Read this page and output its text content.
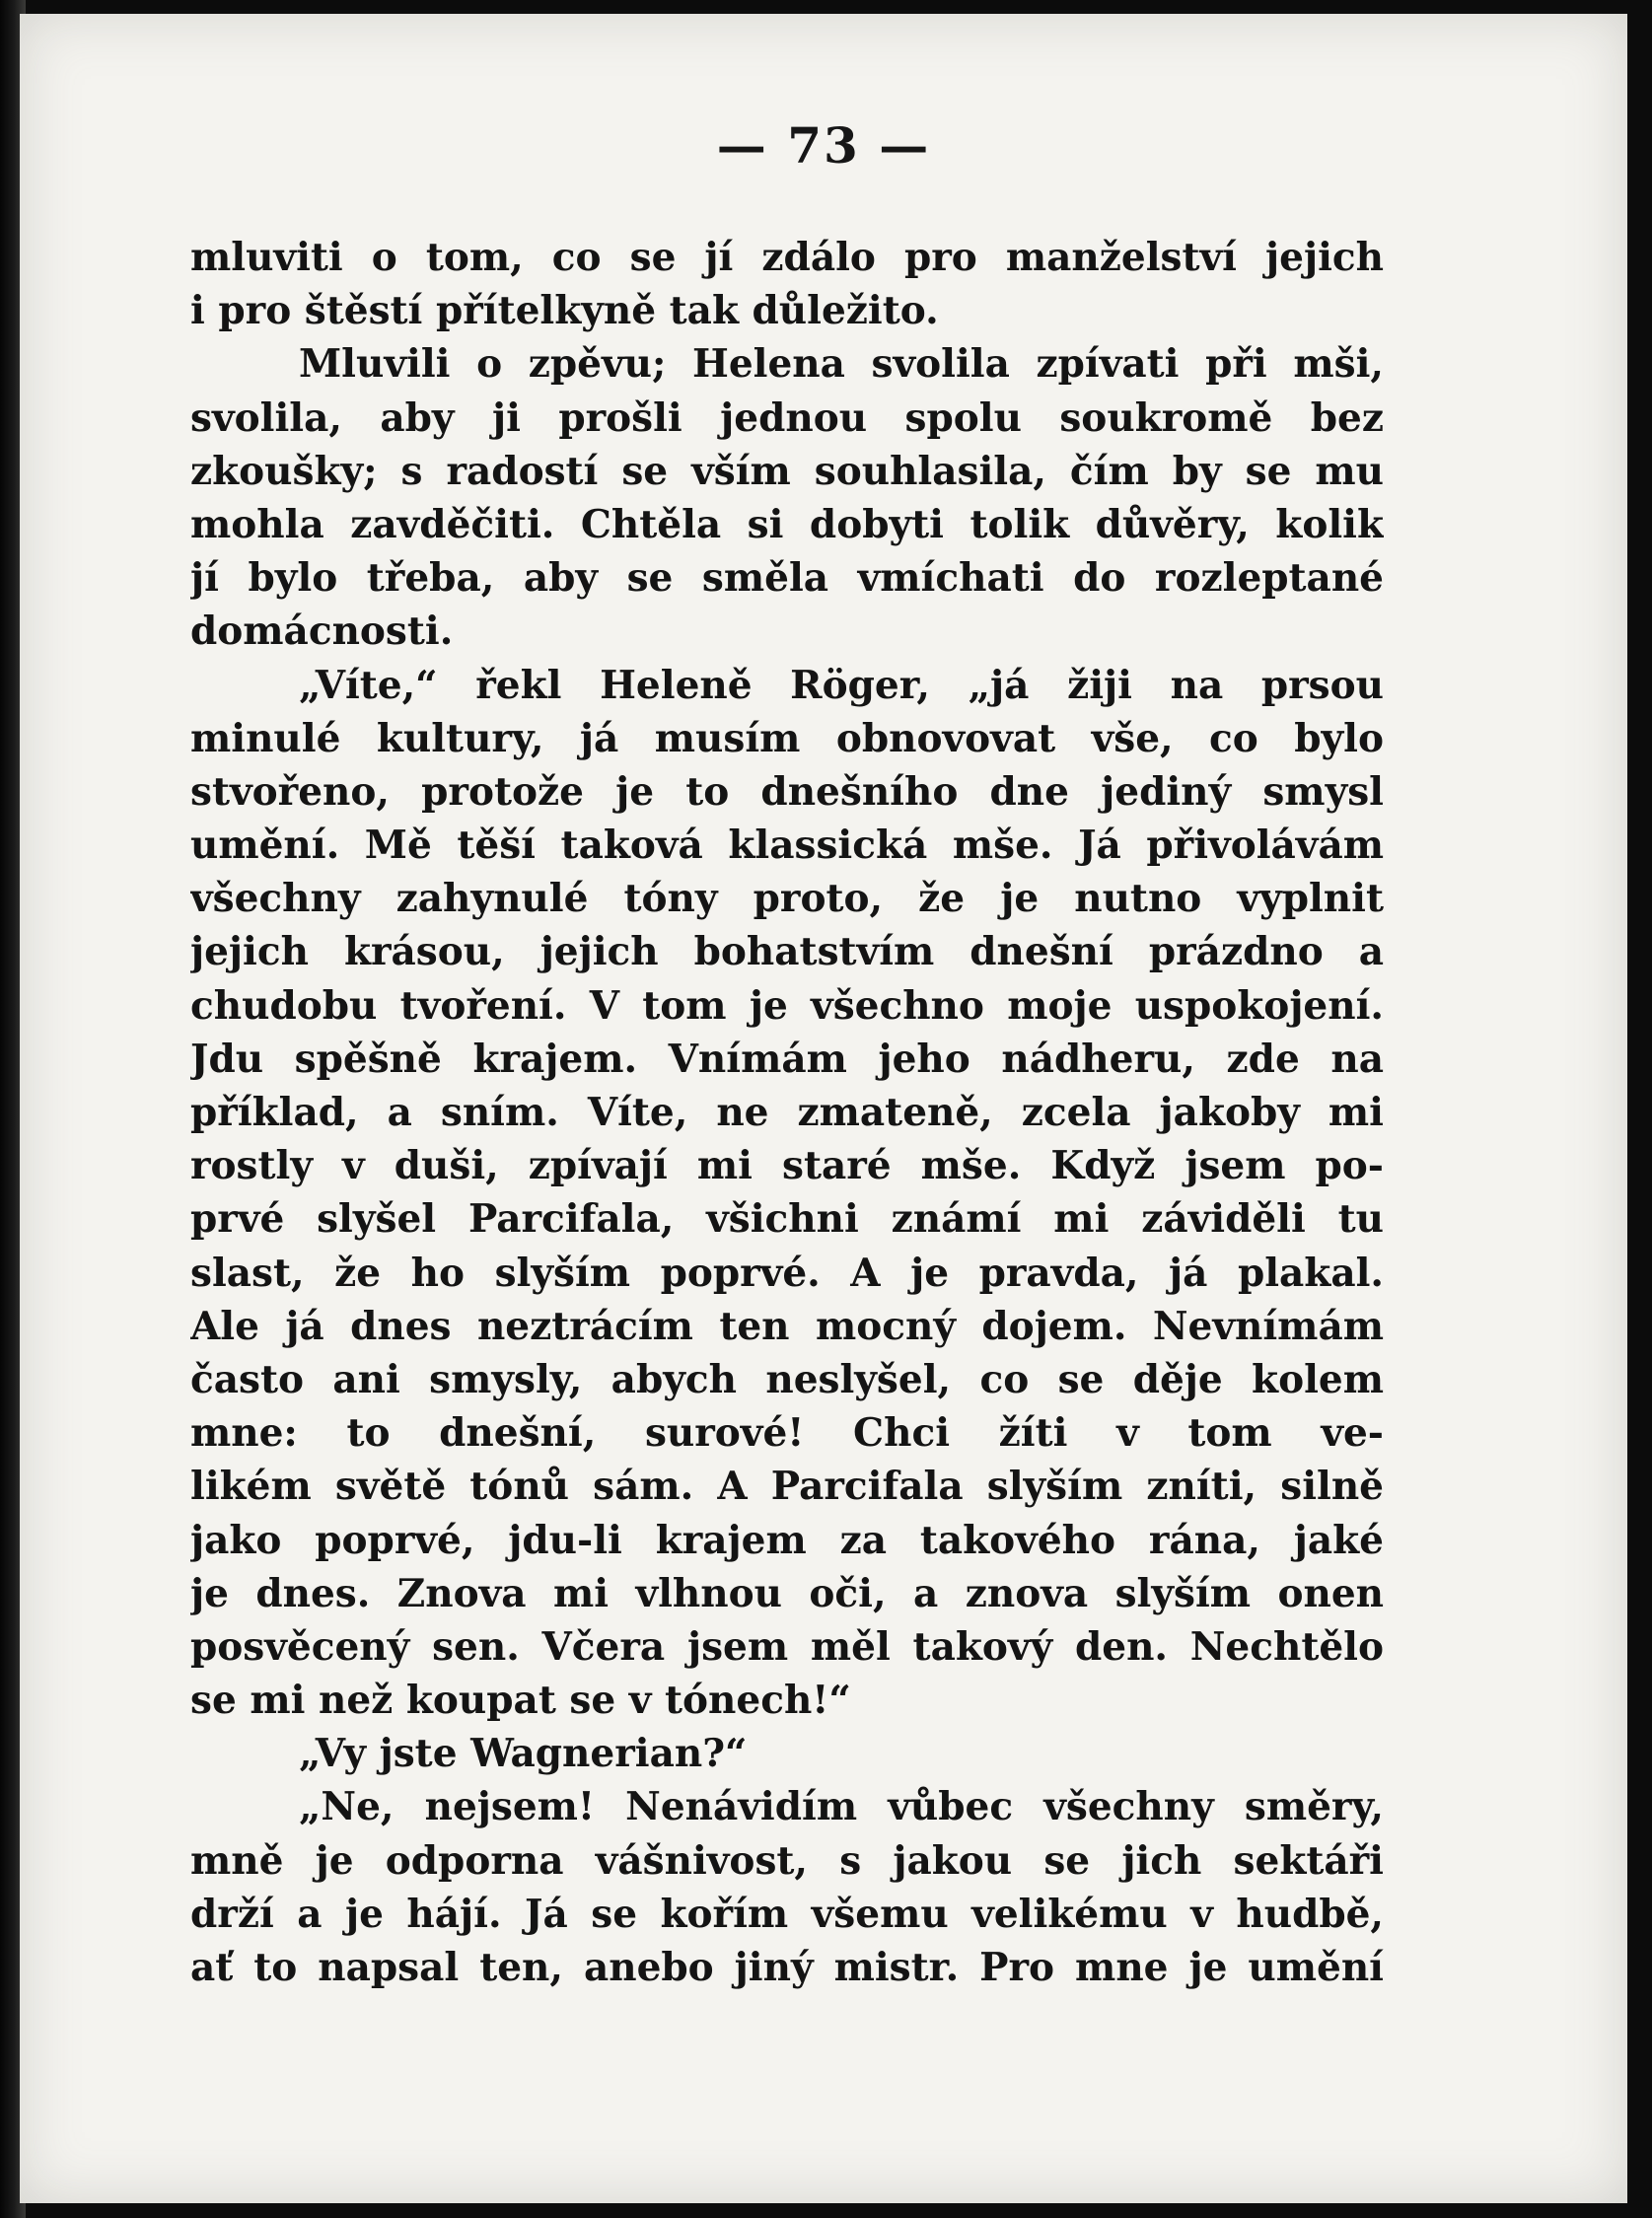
— 73 —
mluviti o tom, co se jí zdálo pro manželství jejich
i pro štěstí přítelkyně tak důležito.
Mluvili o zpěvu; Helena svolila zpívati při mši,
svolila, aby ji prošli jednou spolu soukromě bez
zkoušky; s radostí se vším souhlasila, čím by se mu
mohla zavděčiti. Chtěla si dobyti tolik důvěry, kolik
jí bylo třeba, aby se směla vmíchati do rozleptané
domácnosti.
„Víte,“ řekl Heleně Röger, „já žiji na prsou
minulé kultury, já musím obnovovat vše, co bylo
stvořeno, protože je to dnešního dne jediný smysl
umění. Mě těší taková klassická mše. Já přivolávám
všechny zahynulé tóny proto, že je nutno vyplnit
jejich krásou, jejich bohatstvím dnešní prázdno a
chudobu tvoření. V tom je všechno moje uspokojení.
Jdu spěšně krajem. Vnímám jeho nádheru, zde na
příklad, a sním. Víte, ne zmateně, zcela jakoby mi
rostly v duši, zpívají mi staré mše. Když jsem po-
prvé slyšel Parcifala, všichni známí mi záviděli tu
slast, že ho slyším poprvé. A je pravda, já plakal.
Ale já dnes neztrácím ten mocný dojem. Nevnímám
často ani smysly, abych neslyšel, co se děje kolem
mne: to dnešní, surové! Chci žíti v tom ve-
likém světě tónů sám. A Parcifala slyším zníti, silně
jako poprvé, jdu-li krajem za takového rána, jaké
je dnes. Znova mi vlhnou oči, a znova slyším onen
posvěcený sen. Včera jsem měl takový den. Nechtělo
se mi než koupat se v tónech!“
„Vy jste Wagnerian?“
„Ne, nejsem! Nenávidím vůbec všechny směry,
mně je odporna vášnivost, s jakou se jich sektáři
drží a je hájí. Já se kořím všemu velikému v hudbě,
ať to napsal ten, anebo jiný mistr. Pro mne je umění
